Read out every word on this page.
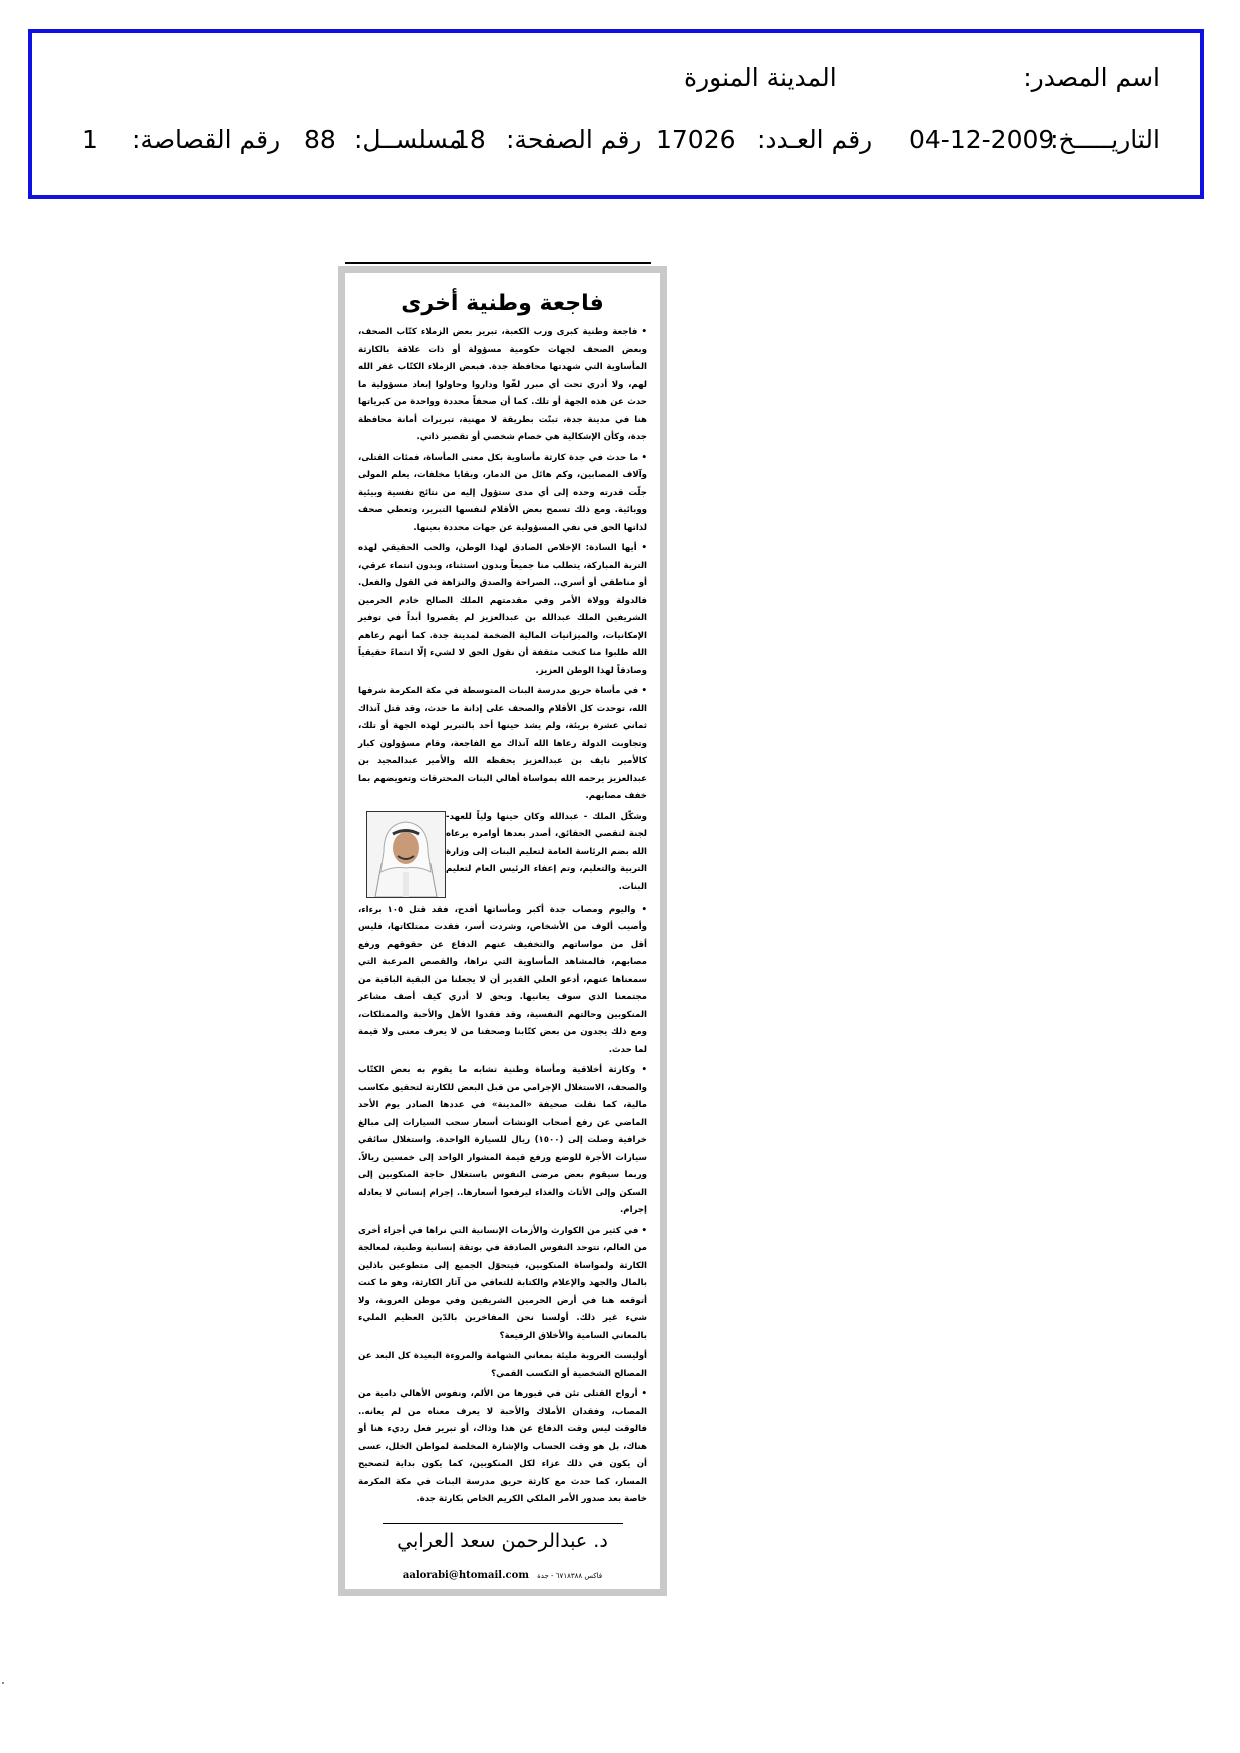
اسم المصدر:
المدينة المنورة
التاريـــــخ:
04-12-2009
رقم العـدد:
17026
رقم الصفحة:
18
مسلســل:
88
رقم القصاصة:
1
فاجعة وطنية أخرى

• فاجعة وطنية كبرى ورب الكعبة، تبرير بعض الزملاء كتّاب الصحف، وبعض الصحف لجهات حكومية مسؤولة أو ذات علاقة بالكارثة المأساوية التي شهدتها محافظة جدة. فبعض الزملاء الكتّاب غفر الله لهم، ولا أدري تحت أي مبرر لفّوا وداروا وحاولوا إبعاد مسؤولية ما حدث عن هذه الجهة أو تلك. كما أن صحفاً محددة وواحدة من كبرياتها هنا في مدينة جدة، تبنّت بطريقة لا مهنية، تبريرات أمانة محافظة جدة، وكأن الإشكالية هي خصام شخصي أو تقصير ذاتي.

• ما حدث في جدة كارثة مأساوية بكل معنى المأساة، فمئات القتلى، وآلاف المصابين، وكم هائل من الدمار، وبقايا مخلفات، يعلم المولى جلّت قدرته وحده إلى أي مدى ستؤول إليه من نتائج نفسية وبيئية ووبائية. ومع ذلك تسمح بعض الأقلام لنفسها التبرير، وتعطي صحف لذاتها الحق في نفي المسؤولية عن جهات محددة بعينها.

• أيها السادة: الإخلاص الصادق لهذا الوطن، والحب الحقيقي لهذه التربة المباركة، يتطلب منا جميعاً وبدون استثناء، وبدون انتماء عرقي، أو مناطقي أو أسري.. الصراحة والصدق والنزاهة في القول والفعل. فالدولة وولاة الأمر وفي مقدمتهم الملك الصالح خادم الحرمين الشريفين الملك عبدالله بن عبدالعزيز لم يقصروا أبداً في توفير الإمكانيات، والميزانيات المالية الضخمة لمدينة جدة. كما أنهم رعاهم الله طلبوا منا كنخب مثقفة أن نقول الحق لا لشيء إلّا انتماءً حقيقياً وصادقاً لهذا الوطن العزيز.

• في مأساة حريق مدرسة البنات المتوسطة في مكة المكرمة شرفها الله، توحدت كل الأقلام والصحف على إدانة ما حدث، وقد قتل آنذاك ثماني عشرة بريئة، ولم يشذ حينها أحد بالتبرير لهذه الجهة أو تلك، وتجاوبت الدولة رعاها الله آنذاك مع الفاجعة، وقام مسؤولون كبار كالأمير نايف بن عبدالعزيز يحفظه الله والأمير عبدالمجيد بن عبدالعزيز يرحمه الله بمواساة أهالي البنات المحترقات وتعويضهم بما خفف مصابهم.

وشكّل الملك - عبدالله وكان حينها ولياً للعهد- لجنة لتقصي الحقائق، أصدر بعدها أوامره يرعاه الله بضم الرئاسة العامة لتعليم البنات إلى وزارة التربية والتعليم، وتم إعفاء الرئيس العام لتعليم البنات.

• واليوم ومصاب جدة أكبر ومأساتها أفدح، فقد قتل ١٠٥ برءاء، وأصيب ألوف من الأشخاص، وشردت أسر، فقدت ممتلكاتها، فليس أقل من مواساتهم والتخفيف عنهم الدفاع عن حقوقهم ورفع مصابهم، فالمشاهد المأساوية التي نراها، والقصص المرعبة التي سمعناها عنهم، أدعو العلي القدير أن لا يجعلنا من البقية الباقية من مجتمعنا الذي سوف يعانيها. وبحق لا أدري كيف أصف مشاعر المنكوبين وحالتهم النفسية، وقد فقدوا الأهل والأحبة والممتلكات، ومع ذلك يجدون من بعض كتّابنا وصحفنا من لا يعرف معنى ولا قيمة لما حدث.

• وكارثة أخلاقية ومأساة وطنية تشابه ما يقوم به بعض الكتّاب والصحف، الاستغلال الإجرامي من قبل البعض للكارثة لتحقيق مكاسب مالية، كما نقلت صحيفة «المدينة» في عددها الصادر يوم الأحد الماضي عن رفع أصحاب الونشات أسعار سحب السيارات إلى مبالغ خرافية وصلت إلى (١٥٠٠) ريال للسيارة الواحدة. واستغلال سائقي سيارات الأجرة للوضع ورفع قيمة المشوار الواحد إلى خمسين ريالاً. وربما سيقوم بعض مرضى النفوس باستغلال حاجة المنكوبين إلى السكن وإلى الأثاث والغذاء ليرفعوا أسعارها.. إجرام إنساني لا يعادله إجرام.

• في كثير من الكوارث والأزمات الإنسانية التي نراها في أجزاء أخرى من العالم، تتوحد النفوس الصادقة في بوتقة إنسانية وطنية، لمعالجة الكارثة ولمواساة المنكوبين، فيتحوّل الجميع إلى متطوعين باذلين بالمال والجهد والإعلام والكتابة للتعافي من آثار الكارثة، وهو ما كنت أتوقعه هنا في أرض الحرمين الشريفين وفي موطن العروبة، ولا شيء غير ذلك. أولسنا نحن المفاخرين بالدّين العظيم المليء بالمعاني السامية والأخلاق الرفيعة؟

أوليست العروبة مليئة بمعاني الشهامة والمروءة البعيدة كل البعد عن المصالح الشخصية أو التكسب القمي؟

• أرواح القتلى تئن في قبورها من الألم، ونفوس الأهالي دامية من المصاب، وفقدان الأملاك والأحبة لا يعرف معناه من لم يعانه.. فالوقت ليس وقت الدفاع عن هذا وذاك، أو تبرير فعل رديء هنا أو هناك، بل هو وقت الحساب والإشارة المخلصة لمواطن الخلل، عسى أن يكون في ذلك عزاء لكل المنكوبين، كما يكون بداية لتصحيح المسار، كما حدث مع كارثة حريق مدرسة البنات في مكة المكرمة خاصة بعد صدور الأمر الملكي الكريم الخاص بكارثة جدة.

د. عبدالرحمن سعد العرابي

فاكس ٦٧١٨٣٨٨ - جدة aalorabi@htomail.com
